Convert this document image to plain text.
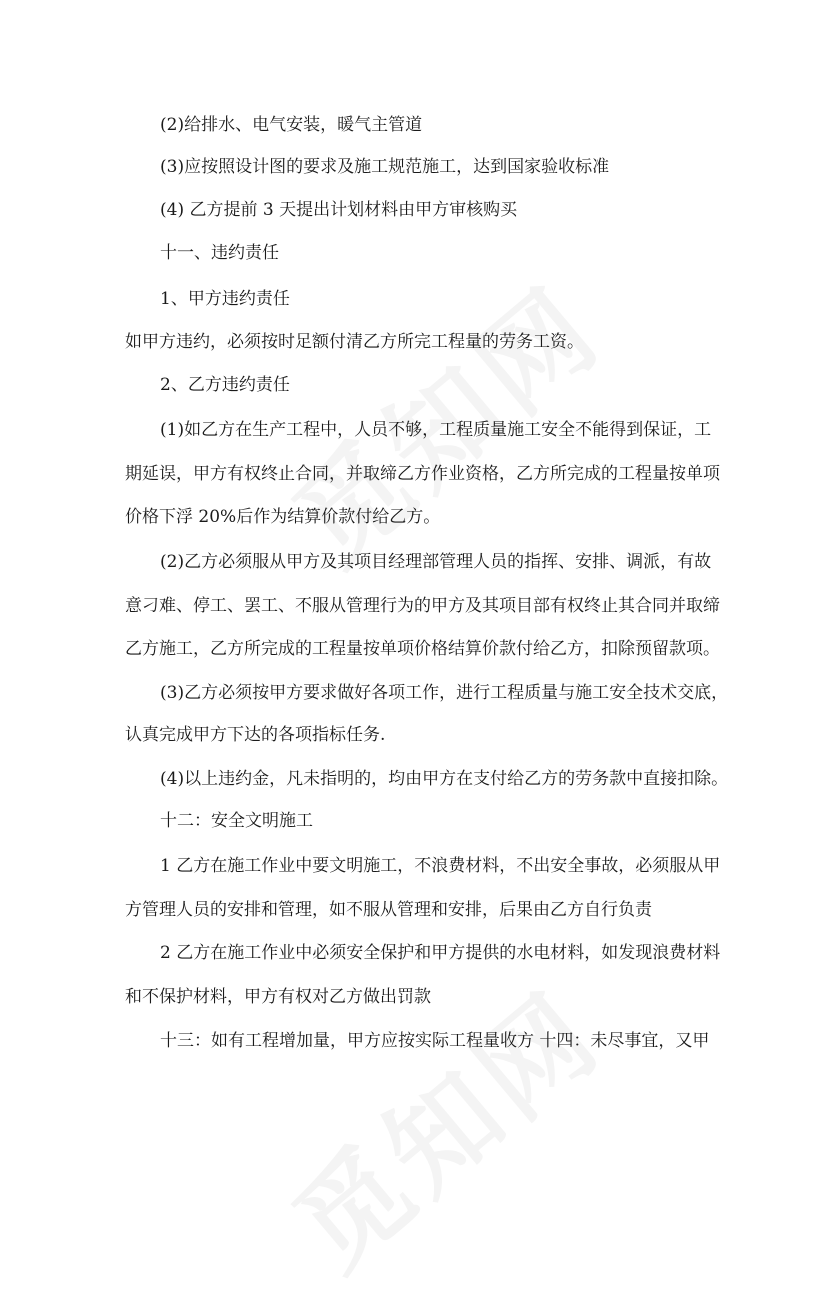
(2)给排水、电气安装，暖气主管道

(3)应按照设计图的要求及施工规范施工，达到国家验收标准

(4) 乙方提前 3 天提出计划材料由甲方审核购买

十一、违约责任

1、甲方违约责任

如甲方违约，必须按时足额付清乙方所完工程量的劳务工资。

2、乙方违约责任

(1)如乙方在生产工程中，人员不够，工程质量施工安全不能得到保证，工

期延误，甲方有权终止合同，并取缔乙方作业资格，乙方所完成的工程量按单项

价格下浮 20%后作为结算价款付给乙方。

(2)乙方必须服从甲方及其项目经理部管理人员的指挥、安排、调派，有故

意刁难、停工、罢工、不服从管理行为的甲方及其项目部有权终止其合同并取缔

乙方施工，乙方所完成的工程量按单项价格结算价款付给乙方，扣除预留款项。

(3)乙方必须按甲方要求做好各项工作，进行工程质量与施工安全技术交底，

认真完成甲方下达的各项指标任务.

(4)以上违约金，凡未指明的，均由甲方在支付给乙方的劳务款中直接扣除。

十二：安全文明施工

1 乙方在施工作业中要文明施工，不浪费材料，不出安全事故，必须服从甲

方管理人员的安排和管理，如不服从管理和安排，后果由乙方自行负责

2 乙方在施工作业中必须安全保护和甲方提供的水电材料，如发现浪费材料

和不保护材料，甲方有权对乙方做出罚款

十三：如有工程增加量，甲方应按实际工程量收方 十四：未尽事宜，又甲
